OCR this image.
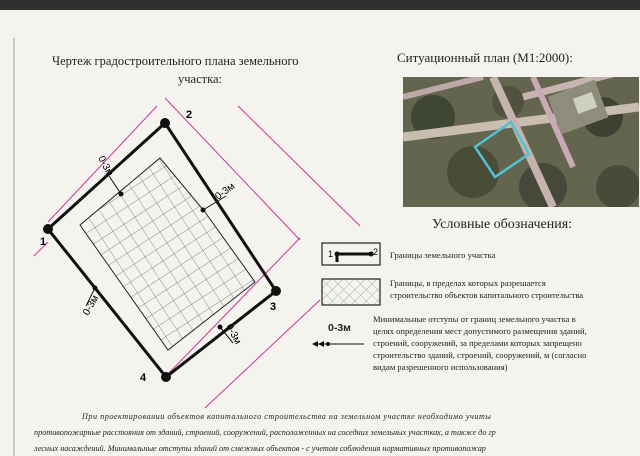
Чертеж градостроительного плана земельного
участка:
Ситуационный план (М1:2000):
1
2
3
4
0-3м
0-3м
0-3м
0-3м
Условные обозначения:
1	2 Границы земельного участка
Границы, в пределах которых разрешается
строительство объектов капитального строительства
0-3м
Минимальные отступы от границ земельного участка в
целях определения мест допустимого размещения зданий,
строений, сооружений, за пределами которых запрещено
строительство зданий, строений, сооружений, м (согласно
видам разрешенного использования)
При проектировании объектов капитального строительства на земельном участке необходимо учиты
противопожарные расстояния от зданий, строений, сооружений, расположенных на соседних земельных участках, а также до гр
лесных насаждений. Минимальные отступы зданий от смежных объектов - с учетом соблюдения нормативных противопожар
